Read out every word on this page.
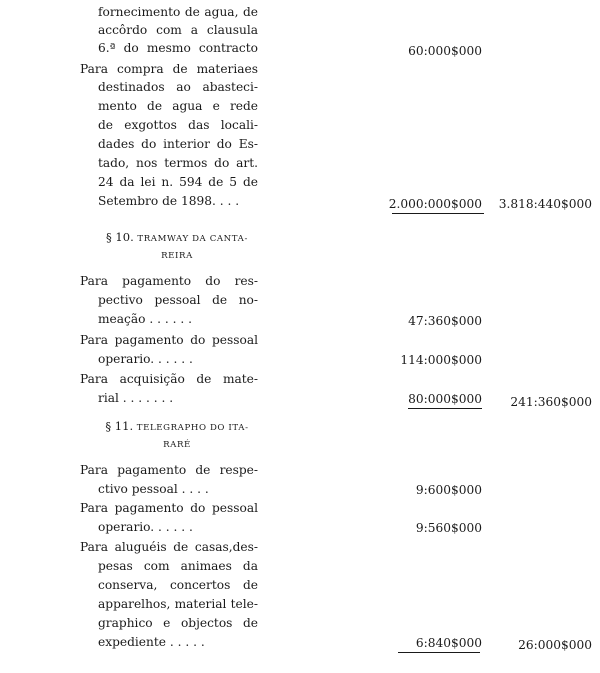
fornecimento de agua, de
accôrdo com a clausula
6.ª do mesmo contracto	60:000$000
Para compra de materiaes
destinados ao abasteci-
mento de agua e rede
de exgottos das locali-
dades do interior do Es-
tado, nos termos do art.
24 da lei n. 594 de 5 de
Setembro de 1898. . . .	2.000:000$000 3.818:440$000
§ 10. TRAMWAY DA CANTA-
REIRA
Para pagamento do res-
pectivo pessoal de no-
meação . . . . . .	47:360$000
Para pagamento do pessoal
operario. . . . . .	114:000$000
Para acquisição de mate-
rial . . . . . . .	80:000$000 241:360$000
§ 11. TELEGRAPHO DO ITA-
RARÉ
Para pagamento de respe-
ctivo pessoal . . . .	9:600$000
Para pagamento do pessoal
operario. . . . . .	9:560$000
Para aluguéis de casas,des-
pesas com animaes da
conserva, concertos de
apparelhos, material tele-
graphico e objectos de
expediente . . . . .	6:840$000	26:000$000
